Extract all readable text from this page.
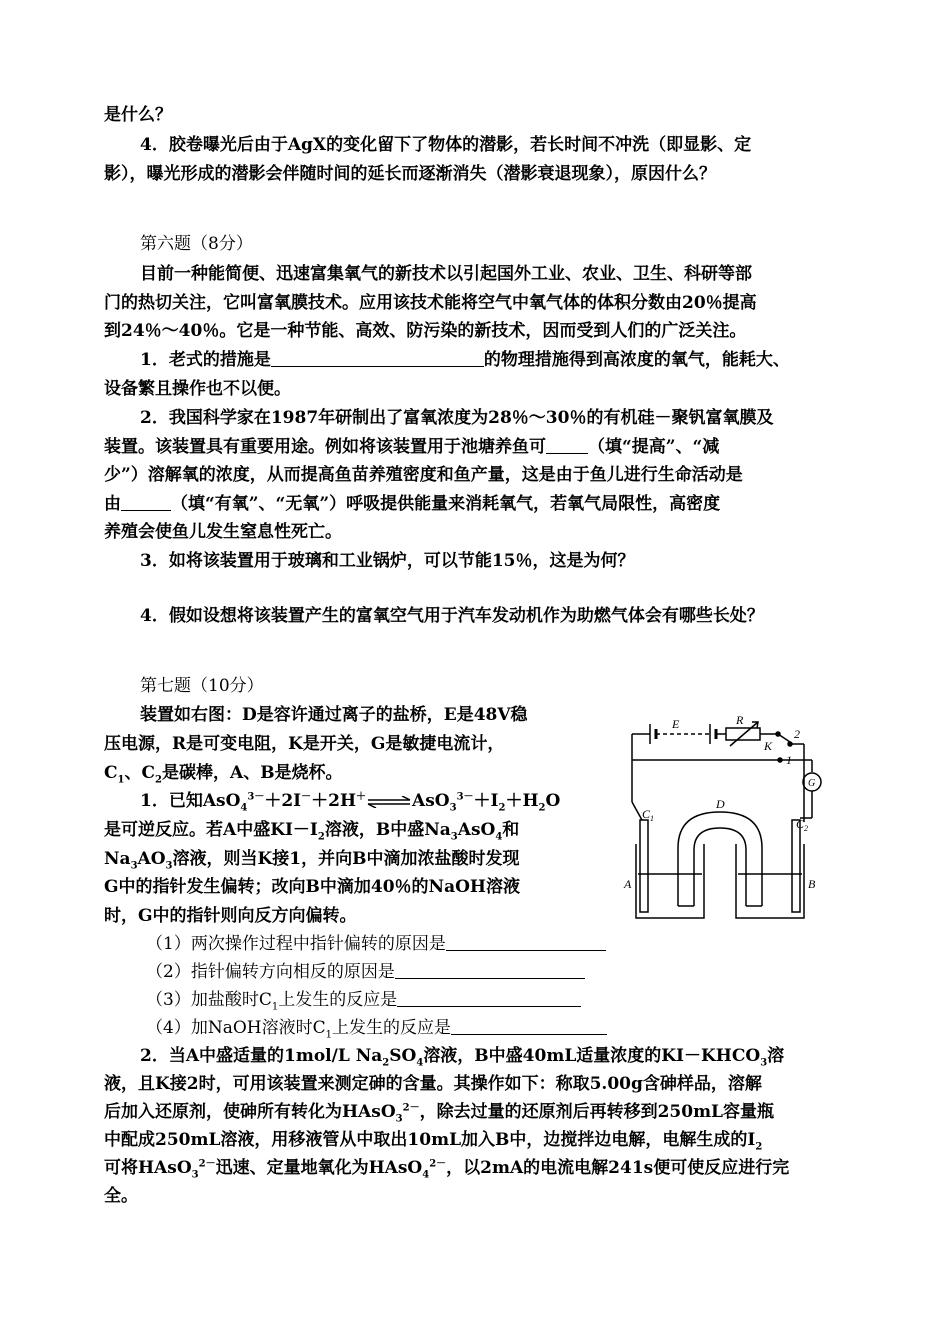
是什么？
4．胶卷曝光后由于AgX的变化留下了物体的潜影，若长时间不冲洗（即显影、定
影），曝光形成的潜影会伴随时间的延长而逐渐消失（潜影衰退现象），原因什么？
第六题（8分）
目前一种能简便、迅速富集氧气的新技术以引起国外工业、农业、卫生、科研等部
门的热切关注，它叫富氧膜技术。应用该技术能将空气中氧气体的体积分数由20％提高
到24％～40％。它是一种节能、高效、防污染的新技术，因而受到人们的广泛关注。
1．老式的措施是	的物理措施得到高浓度的氧气，能耗大、
设备繁且操作也不以便。
2．我国科学家在1987年研制出了富氧浓度为28％～30％的有机硅－聚钒富氧膜及
装置。该装置具有重要用途。例如将该装置用于池塘养鱼可 （填“提高”、“减
少”）溶解氧的浓度，从而提高鱼苗养殖密度和鱼产量，这是由于鱼儿进行生命活动是
由	（填“有氧”、“无氧”）呼吸提供能量来消耗氧气，若氧气局限性，高密度
养殖会使鱼儿发生窒息性死亡。
3．如将该装置用于玻璃和工业锅炉，可以节能15％，这是为何？
4．假如设想将该装置产生的富氧空气用于汽车发动机作为助燃气体会有哪些长处？
第七题（10分）
装置如右图：D是容许通过离子的盐桥，E是48V稳
压电源，R是可变电阻，K是开关，G是敏捷电流计，
$C_1$、$C_2$是碳棒，A、B是烧杯。
1．已知$AsO_4^{3-}+2I^-+2H^+\rightleftharpoons AsO_3^{3-}+I_2+H_2O$
是可逆反应。若A中盛$KI-I_2$溶液，B中盛$Na_3AsO_4$和
$Na_3AO_3$溶液，则当K接1，并向B中滴加浓盐酸时发现
G中的指针发生偏转；改向B中滴加40％的NaOH溶液
时，G中的指针则向反方向偏转。
（1）两次操作过程中指针偏转的原因是
（2）指针偏转方向相反的原因是
（3）加盐酸时$C_1$上发生的反应是
（4）加NaOH溶液时$C_1$上发生的反应是
2．当A中盛适量的1mol/L $Na_2SO_4$溶液，B中盛40mL适量浓度的$KI-KHCO_3$溶
液，且K接2时，可用该装置来测定砷的含量。其操作如下：称取5.00g含砷样品，溶解
后加入还原剂，使砷所有转化为HAsO$_3^{2-}$，除去过量的还原剂后再转移到250mL容量瓶
中配成250mL溶液，用移液管从中取出10mL加入B中，边搅拌边电解，电解生成的$I_2$
可将HAsO$_3^{2-}$迅速、定量地氧化为HAsO$_4^{2-}$，以2mA的电流电解241s便可使反应进行完
全。
E	R
K
2
1
G
$C_1$	$C_2$
D
A	B
